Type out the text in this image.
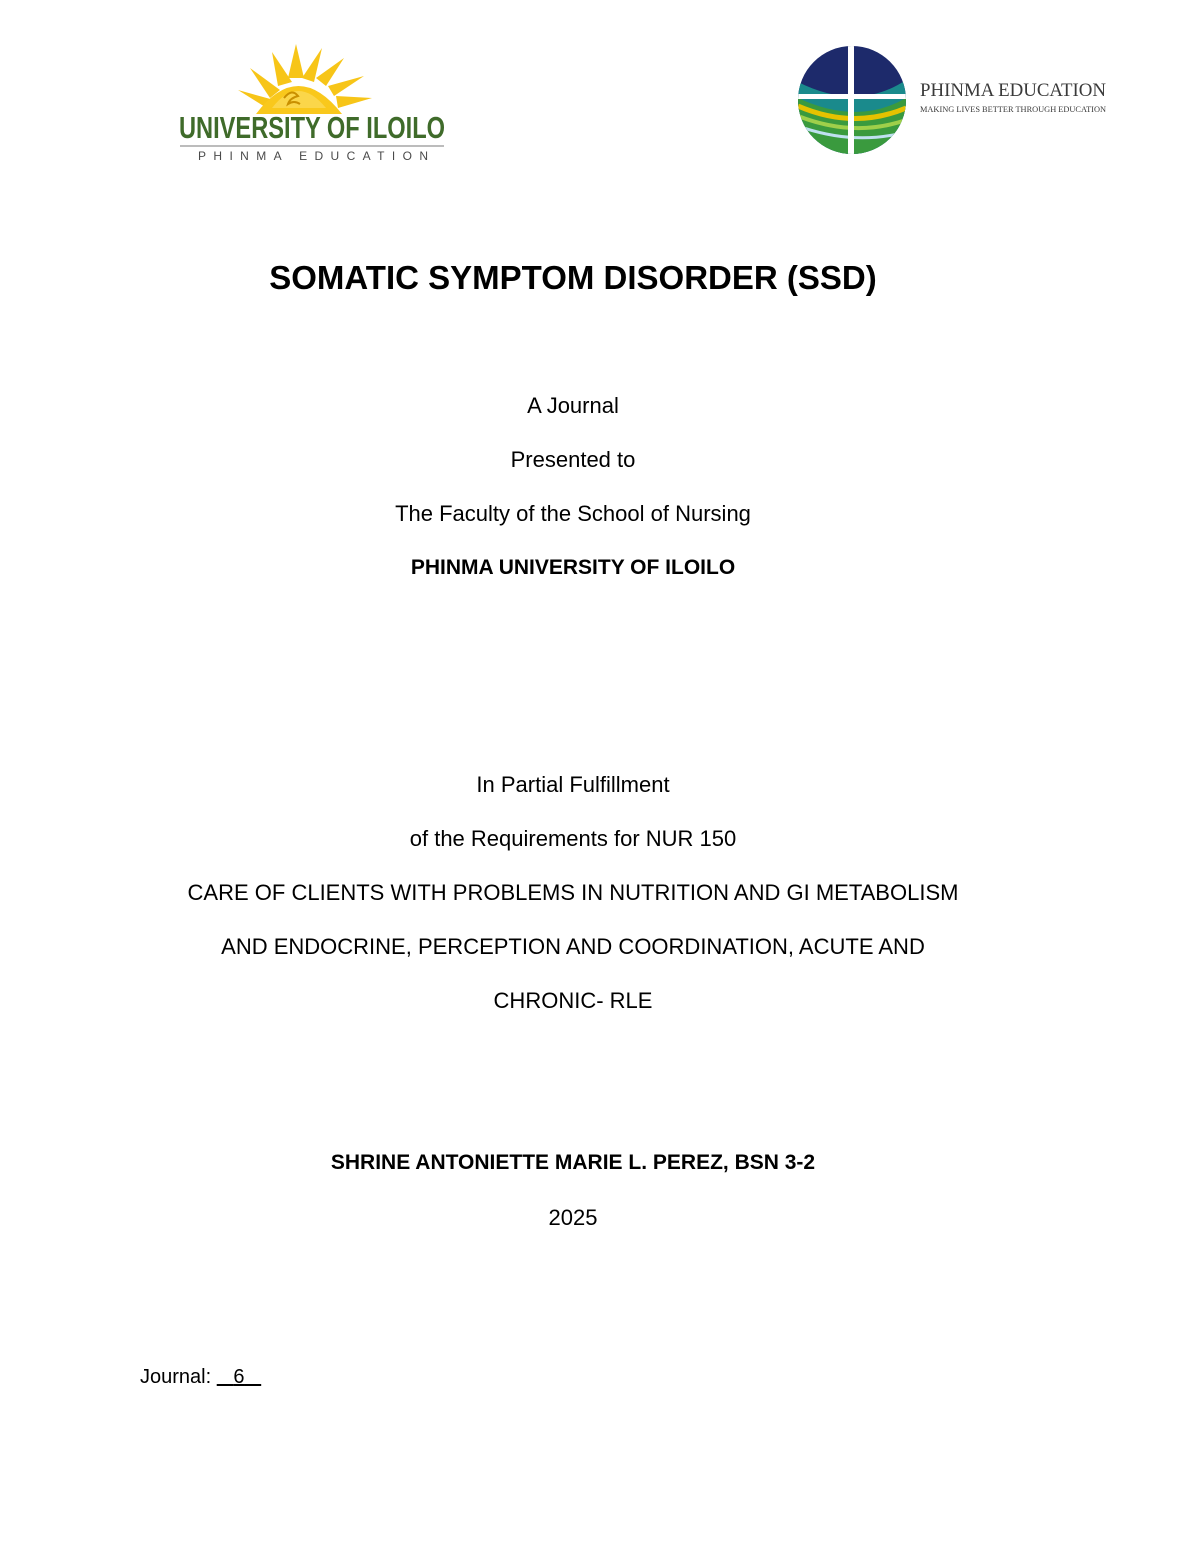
UNIVERSITY OF ILOILO
PHINMA EDUCATION
PHINMA EDUCATION
MAKING LIVES BETTER THROUGH EDUCATION
SOMATIC SYMPTOM DISORDER (SSD)
A Journal
Presented to
The Faculty of the School of Nursing
PHINMA UNIVERSITY OF ILOILO
In Partial Fulfillment
of the Requirements for NUR 150
CARE OF CLIENTS WITH PROBLEMS IN NUTRITION AND GI METABOLISM
AND ENDOCRINE, PERCEPTION AND COORDINATION, ACUTE AND
CHRONIC- RLE
SHRINE ANTONIETTE MARIE L. PEREZ, BSN 3-2
2025
Journal: 6
